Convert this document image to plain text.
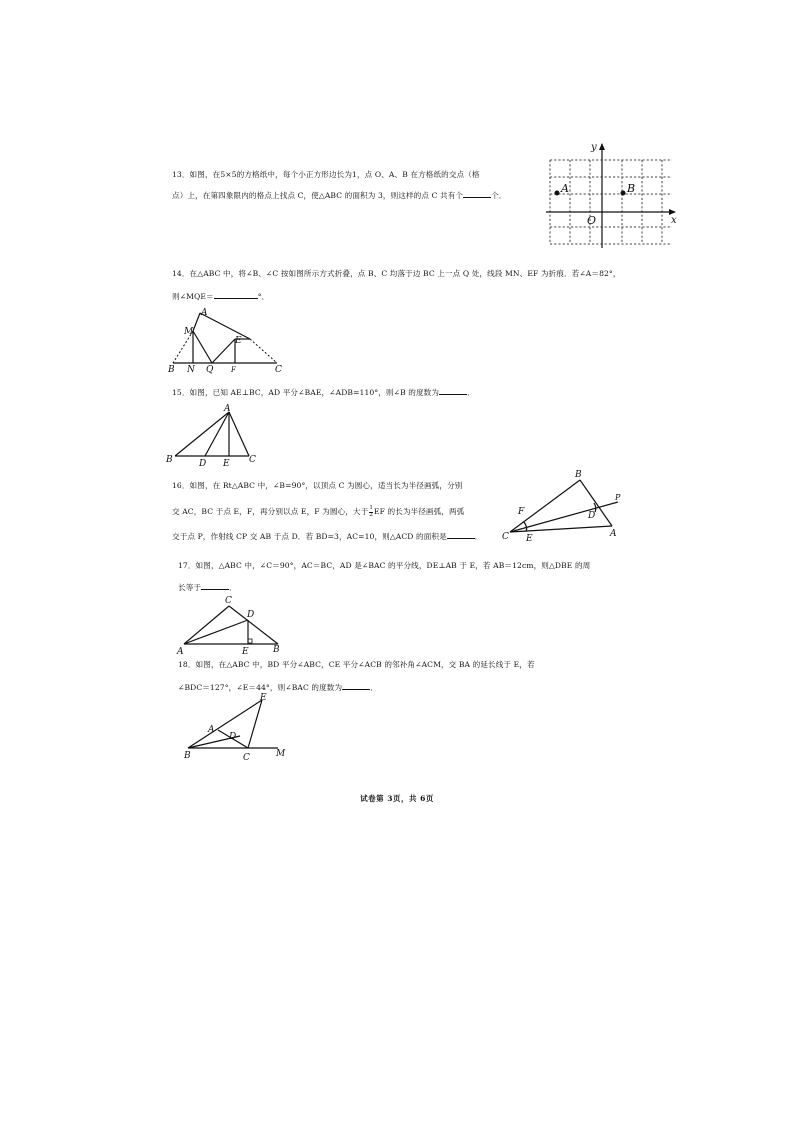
13．如图，在5×5的方格纸中，每个小正方形边长为1，点 O、A、B 在方格纸的交点（格
点）上，在第四象限内的格点上找点 C，使△ABC 的面积为 3，则这样的点 C 共有个	个．
y
x
O
A	B
14．在△ABC 中，将∠B、∠C 按如图所示方式折叠，点 B、C 均落于边 BC 上一点 Q 处，线段 MN、EF 为折痕．若∠A＝82°，
则∠MQE＝	°．
A
M
E
B N Q	F	C
15．如图，已知 AE⊥BC，AD 平分∠BAE，∠ADB=110°，则∠B 的度数为	．
A
B	D E C
16．如图，在 Rt△ABC 中，∠B=90°，以顶点 C 为圆心，适当长为半径画弧，分别
交 AC，BC 于点 E，F，再分别以点 E，F 为圆心，大于 $\frac{1}{2}$ EF 的长为半径画弧，两弧
交于点 P，作射线 CP 交 AB 于点 D．若 BD=3，AC=10，则△ACD 的面积是	．
B
P
F	D
A
C E
17．如图，△ABC 中，∠C＝90°，AC＝BC，AD 是∠BAC 的平分线，DE⊥AB 于 E，若 AB＝12cm，则△DBE 的周
长等于	．
C
D
A	E	B
18．如图，在△ABC 中，BD 平分∠ABC，CE 平分∠ACB 的邻补角∠ACM，交 BA 的延长线于 E，若
∠BDC＝127°，∠E＝44°，则∠BAC 的度数为	．
E
A
D
B	C	M
试卷第 3页，共 6页
